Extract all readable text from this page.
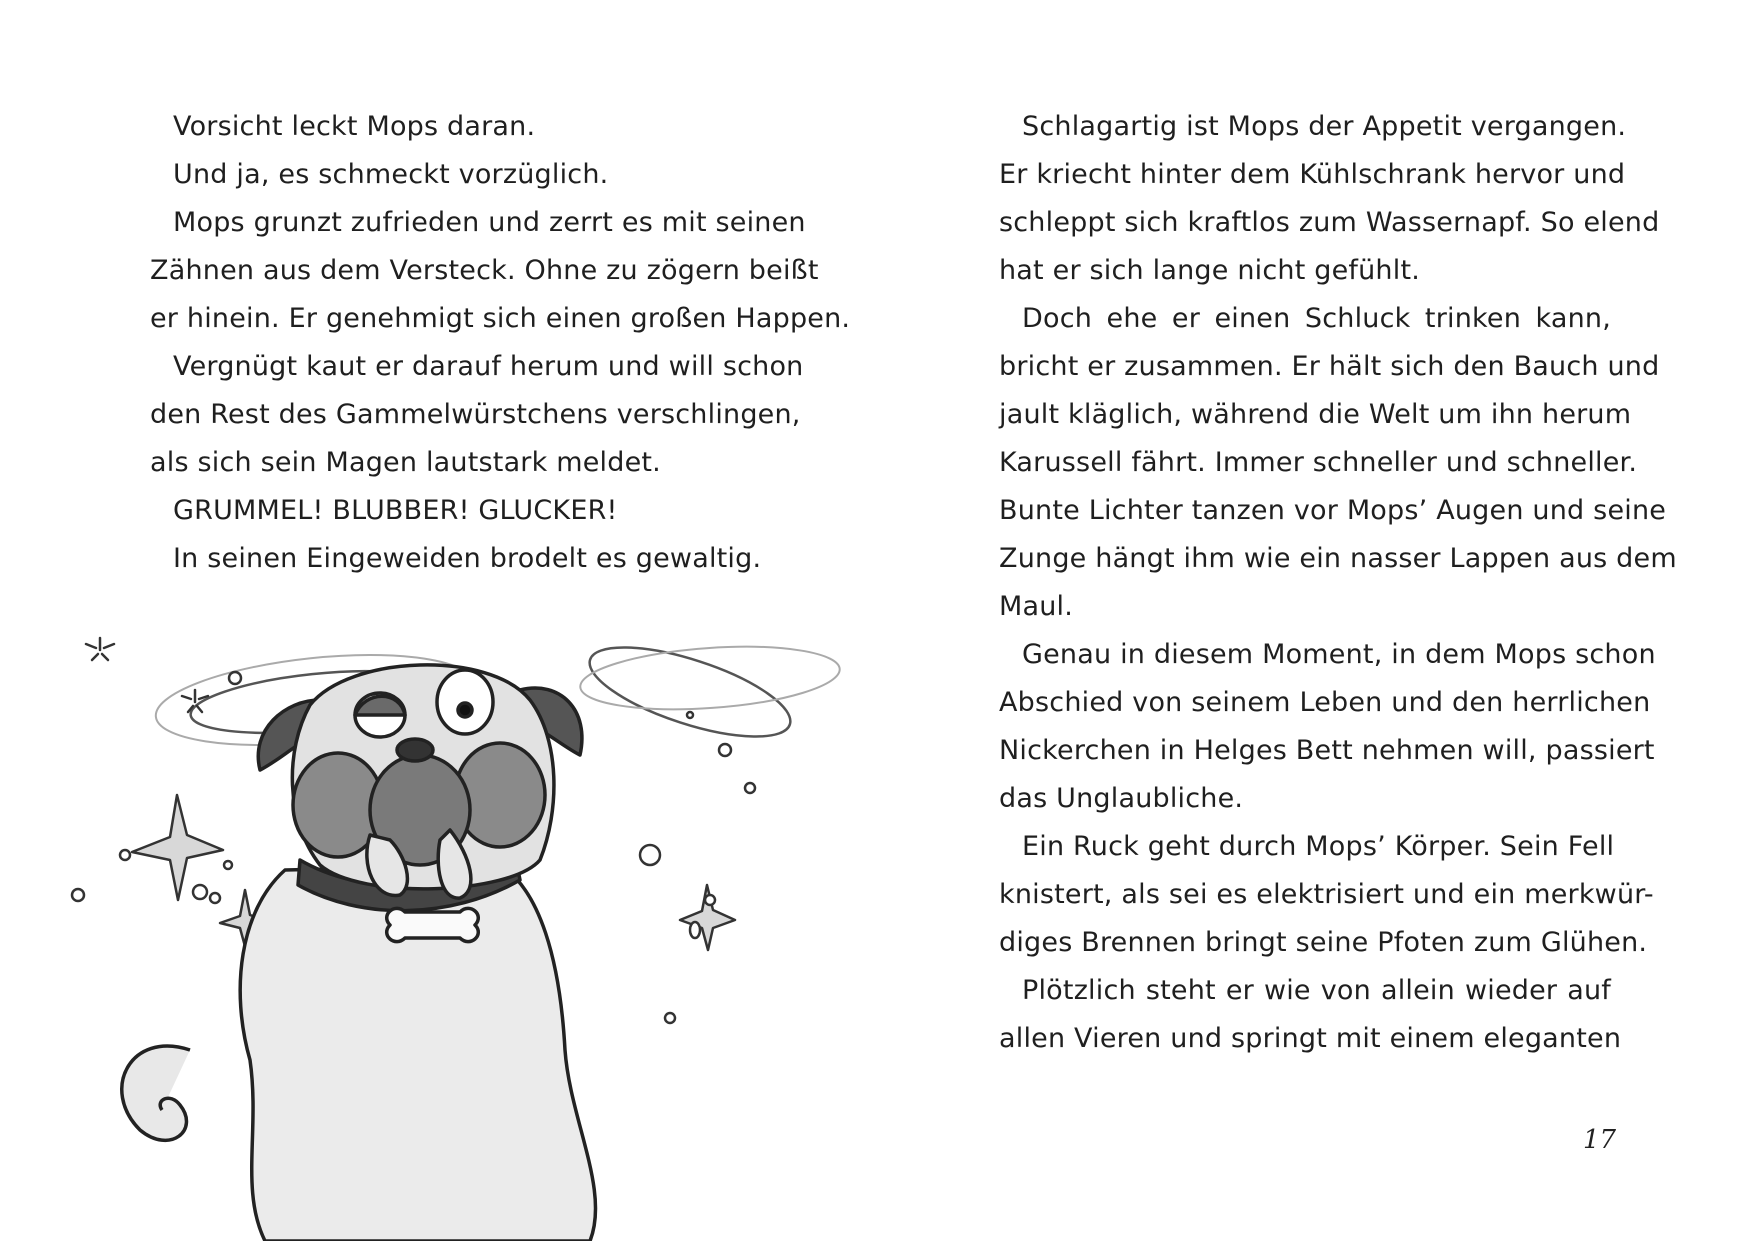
Vorsicht leckt Mops daran.
Und ja, es schmeckt vorzüglich.
Mops grunzt zufrieden und zerrt es mit seinen
Zähnen aus dem Versteck. Ohne zu zögern beißt
er hinein. Er genehmigt sich einen großen Happen.
Vergnügt kaut er darauf herum und will schon
den Rest des Gammelwürstchens verschlingen,
als sich sein Magen lautstark meldet.
GRUMMEL! BLUBBER! GLUCKER!
In seinen Eingeweiden brodelt es gewaltig.
Schlagartig ist Mops der Appetit vergangen.
Er kriecht hinter dem Kühlschrank hervor und
schleppt sich kraftlos zum Wassernapf. So elend
hat er sich lange nicht gefühlt.
Doch ehe er einen Schluck trinken kann,
bricht er zusammen. Er hält sich den Bauch und
jault kläglich, während die Welt um ihn herum
Karussell fährt. Immer schneller und schneller.
Bunte Lichter tanzen vor Mops’ Augen und seine
Zunge hängt ihm wie ein nasser Lappen aus dem
Maul.
Genau in diesem Moment, in dem Mops schon
Abschied von seinem Leben und den herrlichen
Nickerchen in Helges Bett nehmen will, passiert
das Unglaubliche.
Ein Ruck geht durch Mops’ Körper. Sein Fell
knistert, als sei es elektrisiert und ein merkwür-
diges Brennen bringt seine Pfoten zum Glühen.
Plötzlich steht er wie von allein wieder auf
allen Vieren und springt mit einem eleganten
17
